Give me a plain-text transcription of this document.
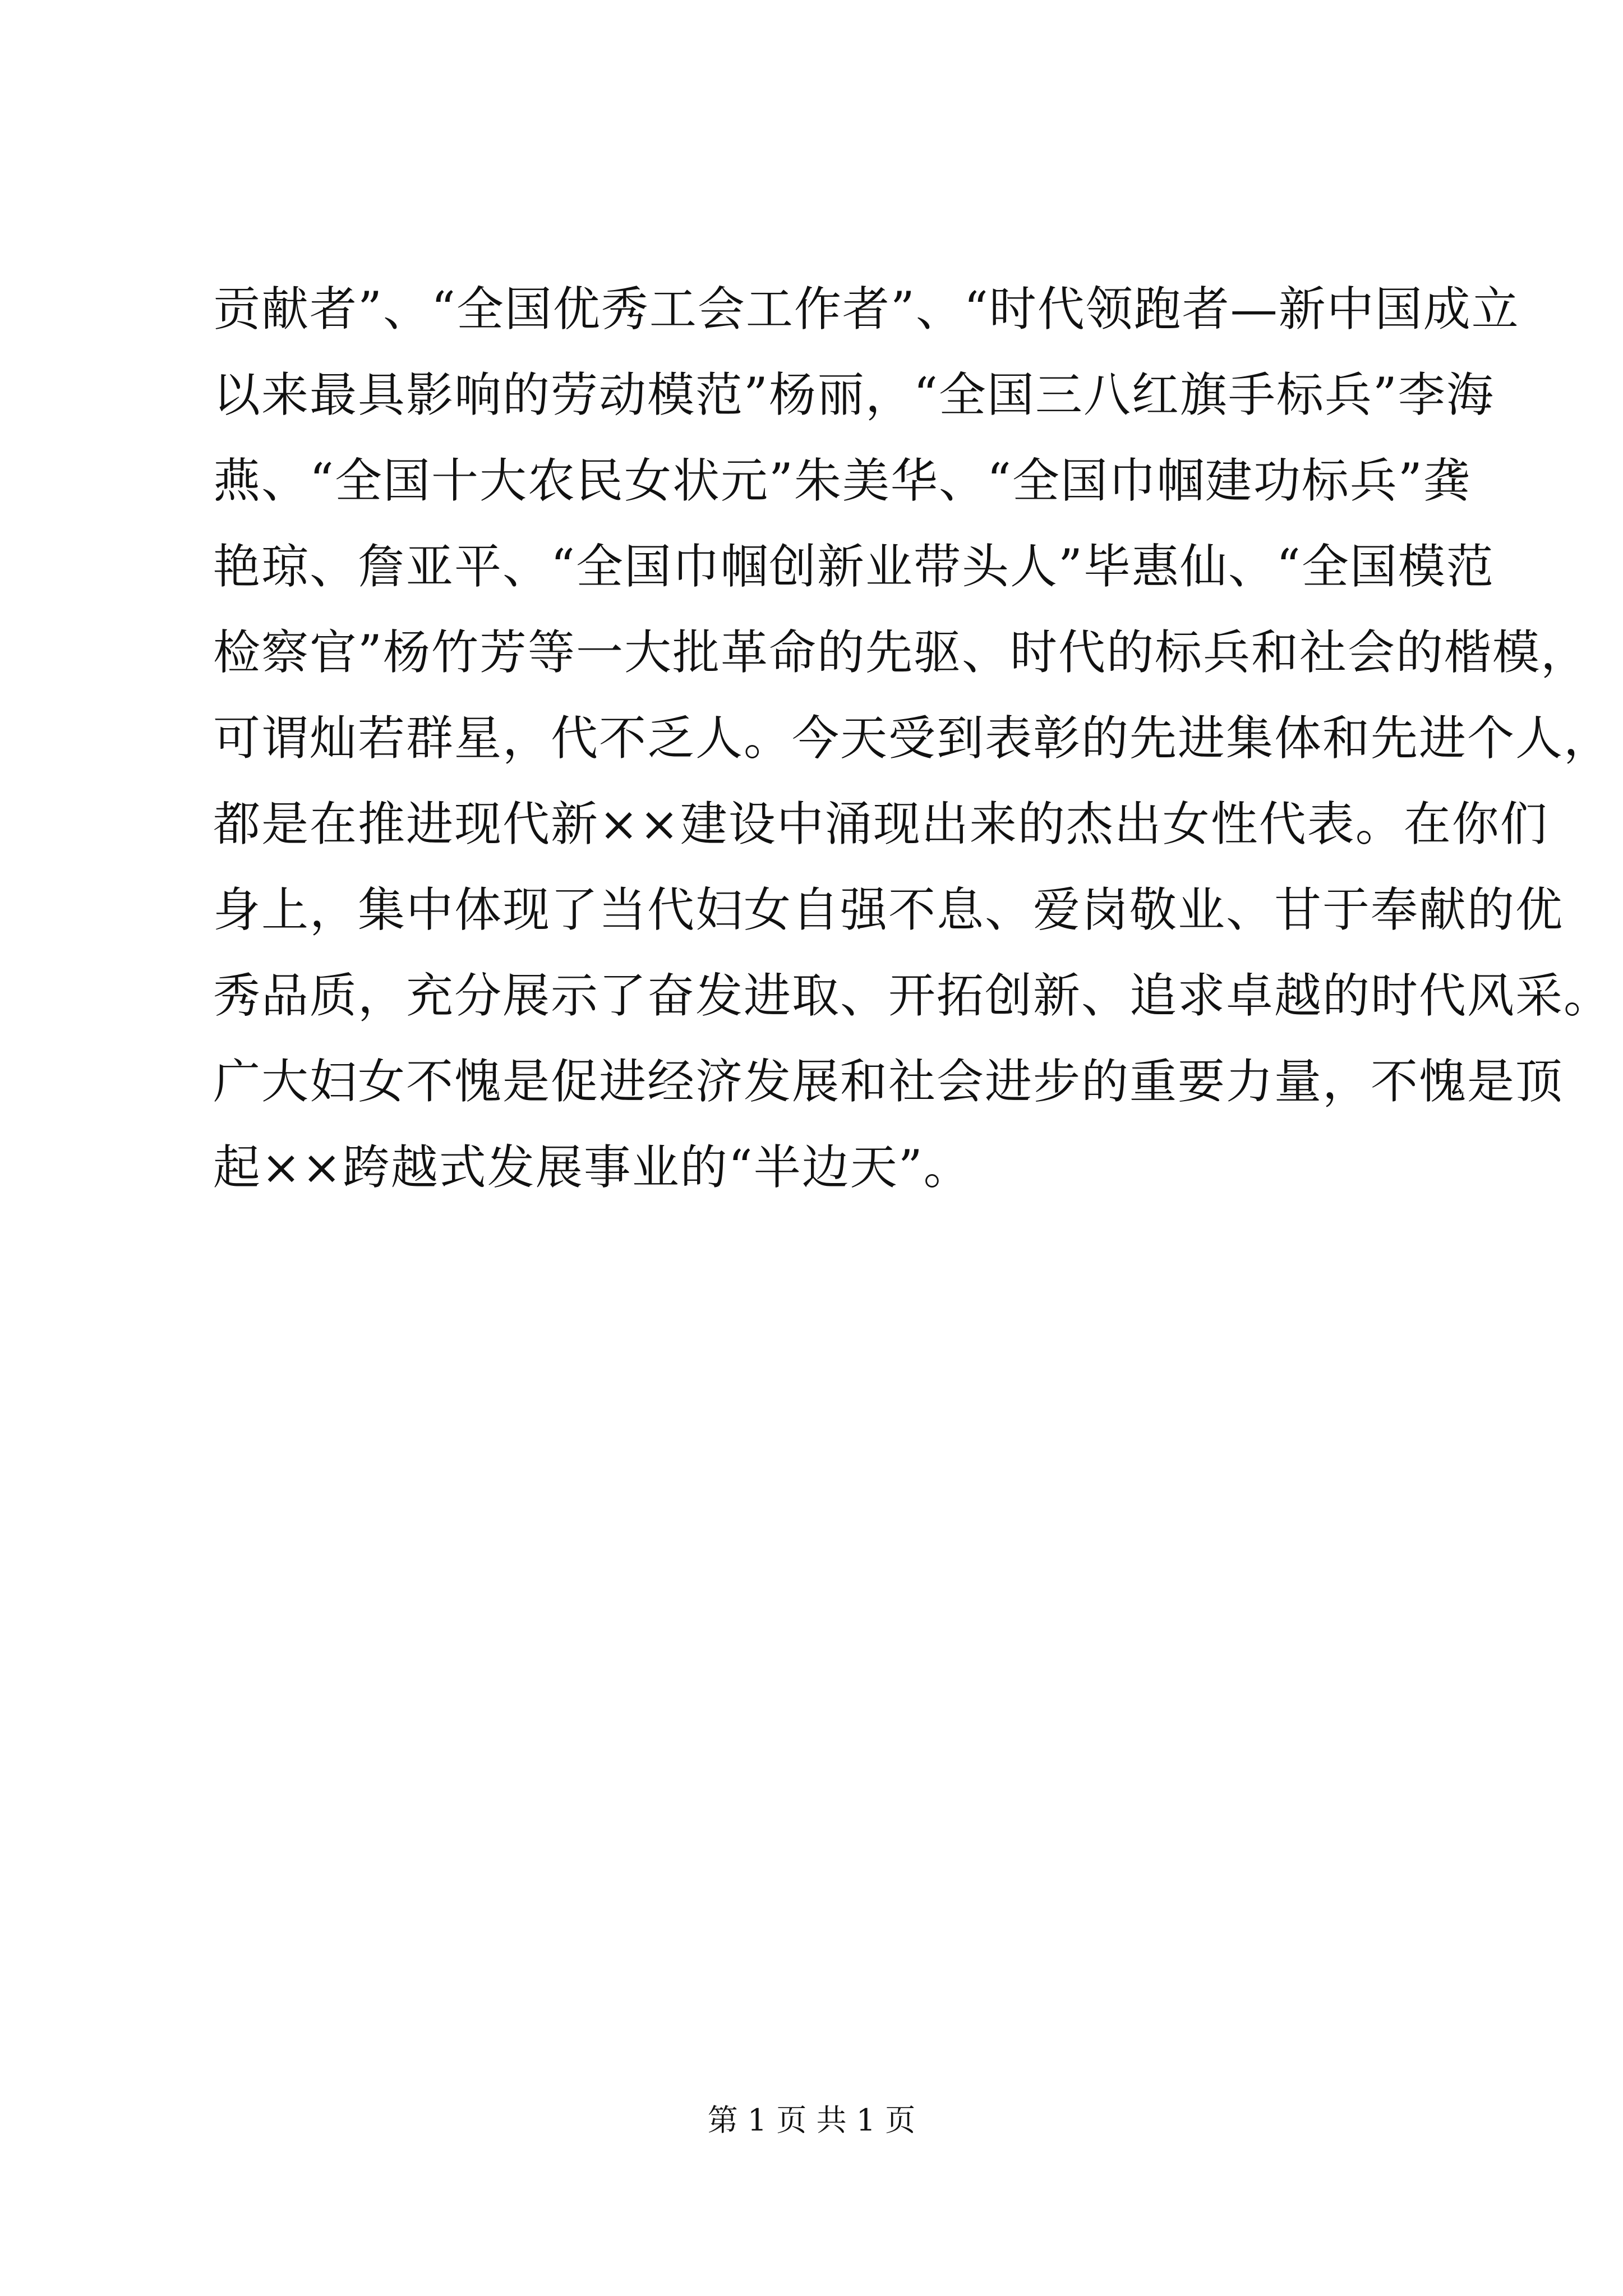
贡献者”、“全国优秀工会工作者”、“时代领跑者—新中国成立
以来最具影响的劳动模范”杨丽，“全国三八红旗手标兵”李海
燕、“全国十大农民女状元”朱美华、“全国巾帼建功标兵”龚
艳琼、詹亚平、“全国巾帼创新业带头人”毕惠仙、“全国模范
检察官”杨竹芳等一大批革命的先驱、时代的标兵和社会的楷模，
可谓灿若群星，代不乏人。今天受到表彰的先进集体和先进个人，
都是在推进现代新××建设中涌现出来的杰出女性代表。在你们
身上，集中体现了当代妇女自强不息、爱岗敬业、甘于奉献的优
秀品质，充分展示了奋发进取、开拓创新、追求卓越的时代风采。
广大妇女不愧是促进经济发展和社会进步的重要力量，不愧是顶
起××跨越式发展事业的“半边天”。
第 1 页 共 1 页
